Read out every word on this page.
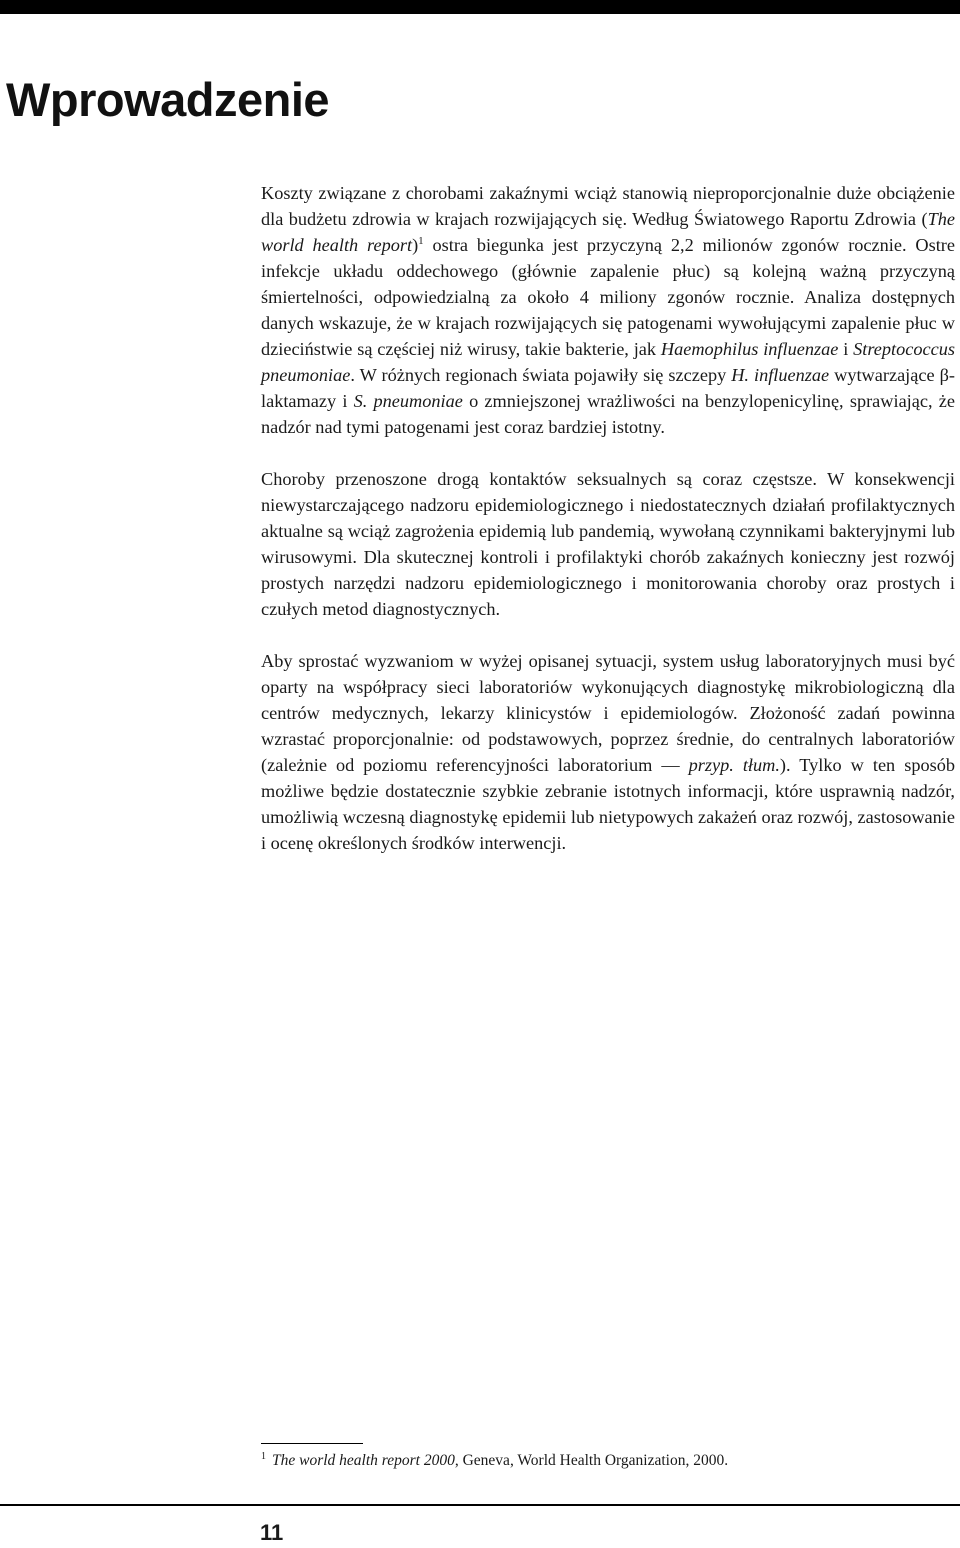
Wprowadzenie

Koszty związane z chorobami zakaźnymi wciąż stanowią nieproporcjonalnie duże obciążenie dla budżetu zdrowia w krajach rozwijających się. Według Światowego Raportu Zdrowia (The world health report)$^1$ ostra biegunka jest przyczyną 2,2 milionów zgonów rocznie. Ostre infekcje układu oddechowego (głównie zapalenie płuc) są kolejną ważną przyczyną śmiertelności, odpowiedzialną za około 4 miliony zgonów rocznie. Analiza dostępnych danych wskazuje, że w krajach rozwijających się patogenami wywołującymi zapalenie płuc w dzieciństwie są częściej niż wirusy, takie bakterie, jak Haemophilus influenzae i Streptococcus pneumoniae. W różnych regionach świata pojawiły się szczepy H. influenzae wytwarzające β-laktamazy i S. pneumoniae o zmniejszonej wrażliwości na benzylopenicylinę, sprawiając, że nadzór nad tymi patogenami jest coraz bardziej istotny.

Choroby przenoszone drogą kontaktów seksualnych są coraz częstsze. W konsekwencji niewystarczającego nadzoru epidemiologicznego i niedostatecznych działań profilaktycznych aktualne są wciąż zagrożenia epidemią lub pandemią, wywołaną czynnikami bakteryjnymi lub wirusowymi. Dla skutecznej kontroli i profilaktyki chorób zakaźnych konieczny jest rozwój prostych narzędzi nadzoru epidemiologicznego i monitorowania choroby oraz prostych i czułych metod diagnostycznych.

Aby sprostać wyzwaniom w wyżej opisanej sytuacji, system usług laboratoryjnych musi być oparty na współpracy sieci laboratoriów wykonujących diagnostykę mikrobiologiczną dla centrów medycznych, lekarzy klinicystów i epidemiologów. Złożoność zadań powinna wzrastać proporcjonalnie: od podstawowych, poprzez średnie, do centralnych laboratoriów (zależnie od poziomu referencyjności laboratorium — przyp. tłum.). Tylko w ten sposób możliwe będzie dostatecznie szybkie zebranie istotnych informacji, które usprawnią nadzór, umożliwią wczesną diagnostykę epidemii lub nietypowych zakażeń oraz rozwój, zastosowanie i ocenę określonych środków interwencji.

$^1$ The world health report 2000, Geneva, World Health Organization, 2000.
11
